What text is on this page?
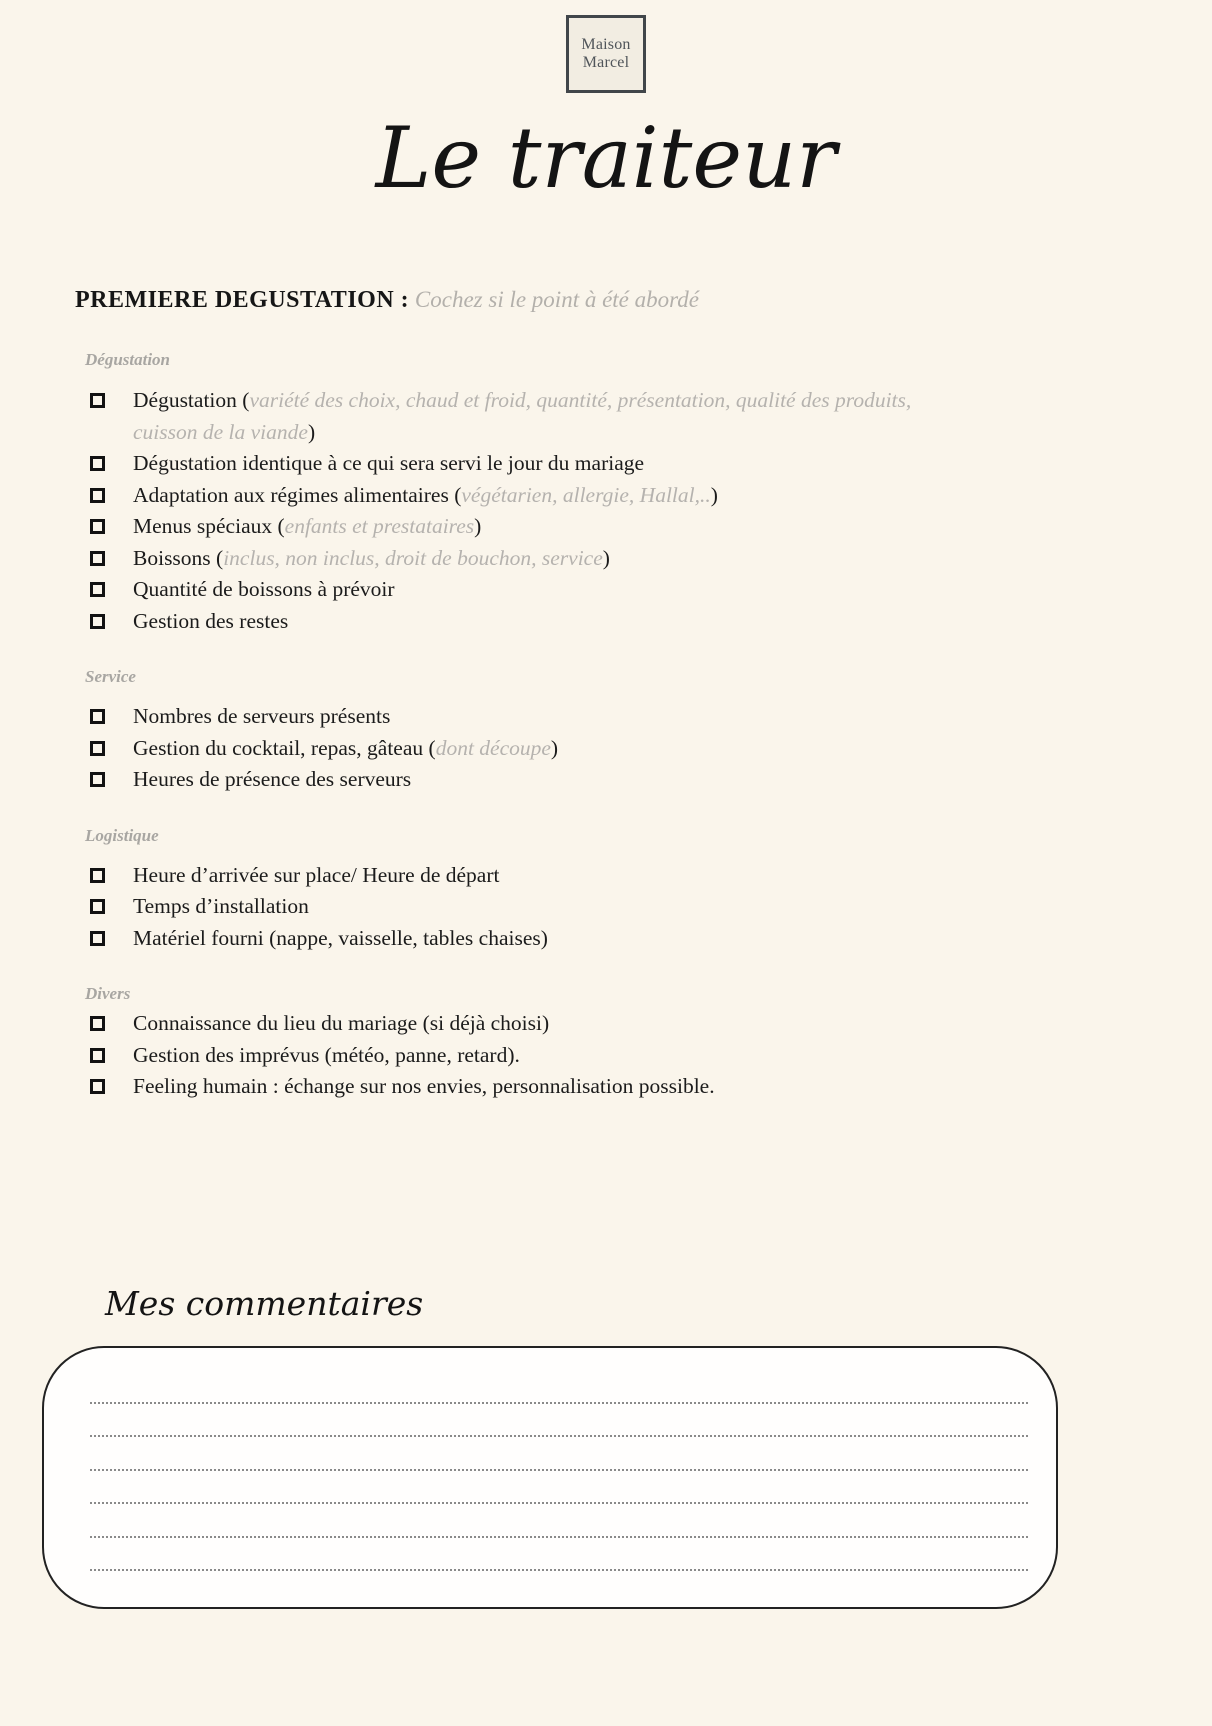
Maison
Marcel
Le traiteur
PREMIERE DEGUSTATION : Cochez si le point à été abordé
Dégustation
Dégustation (variété des choix, chaud et froid, quantité, présentation, qualité des produits, cuisson de la viande)
Dégustation identique à ce qui sera servi le jour du mariage
Adaptation aux régimes alimentaires (végétarien, allergie, Hallal,..)
Menus spéciaux (enfants et prestataires)
Boissons (inclus, non inclus, droit de bouchon, service)
Quantité de boissons à prévoir
Gestion des restes
Service
Nombres de serveurs présents
Gestion du cocktail, repas, gâteau (dont découpe)
Heures de présence des serveurs
Logistique
Heure d’arrivée sur place/ Heure de départ
Temps d’installation
Matériel fourni (nappe, vaisselle, tables chaises)
Divers
Connaissance du lieu du mariage (si déjà choisi)
Gestion des imprévus (météo, panne, retard).
Feeling humain : échange sur nos envies, personnalisation possible.
Mes commentaires
